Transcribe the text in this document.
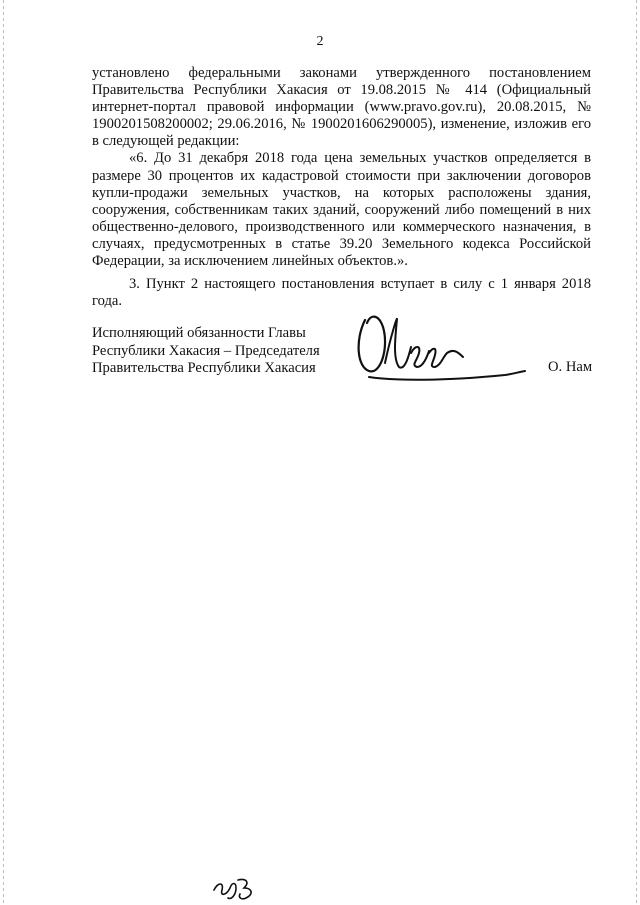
2

установлено федеральными законами утвержденного постановлением Правительства Республики Хакасия от 19.08.2015 № 414 (Официальный интернет-портал правовой информации (www.pravo.gov.ru), 20.08.2015, № 1900201508200002; 29.06.2016, № 1900201606290005), изменение, изложив его в следующей редакции:

«6. До 31 декабря 2018 года цена земельных участков определяется в размере 30 процентов их кадастровой стоимости при заключении договоров купли-продажи земельных участков, на которых расположены здания, сооружения, собственникам таких зданий, сооружений либо помещений в них общественно-делового, производственного или коммерческого назначения, в случаях, предусмотренных в статье 39.20 Земельного кодекса Российской Федерации, за исключением линейных объектов.».

3. Пункт 2 настоящего постановления вступает в силу с 1 января 2018 года.

Исполняющий обязанности Главы
Республики Хакасия – Председателя
Правительства Республики Хакасия	О. Нам
